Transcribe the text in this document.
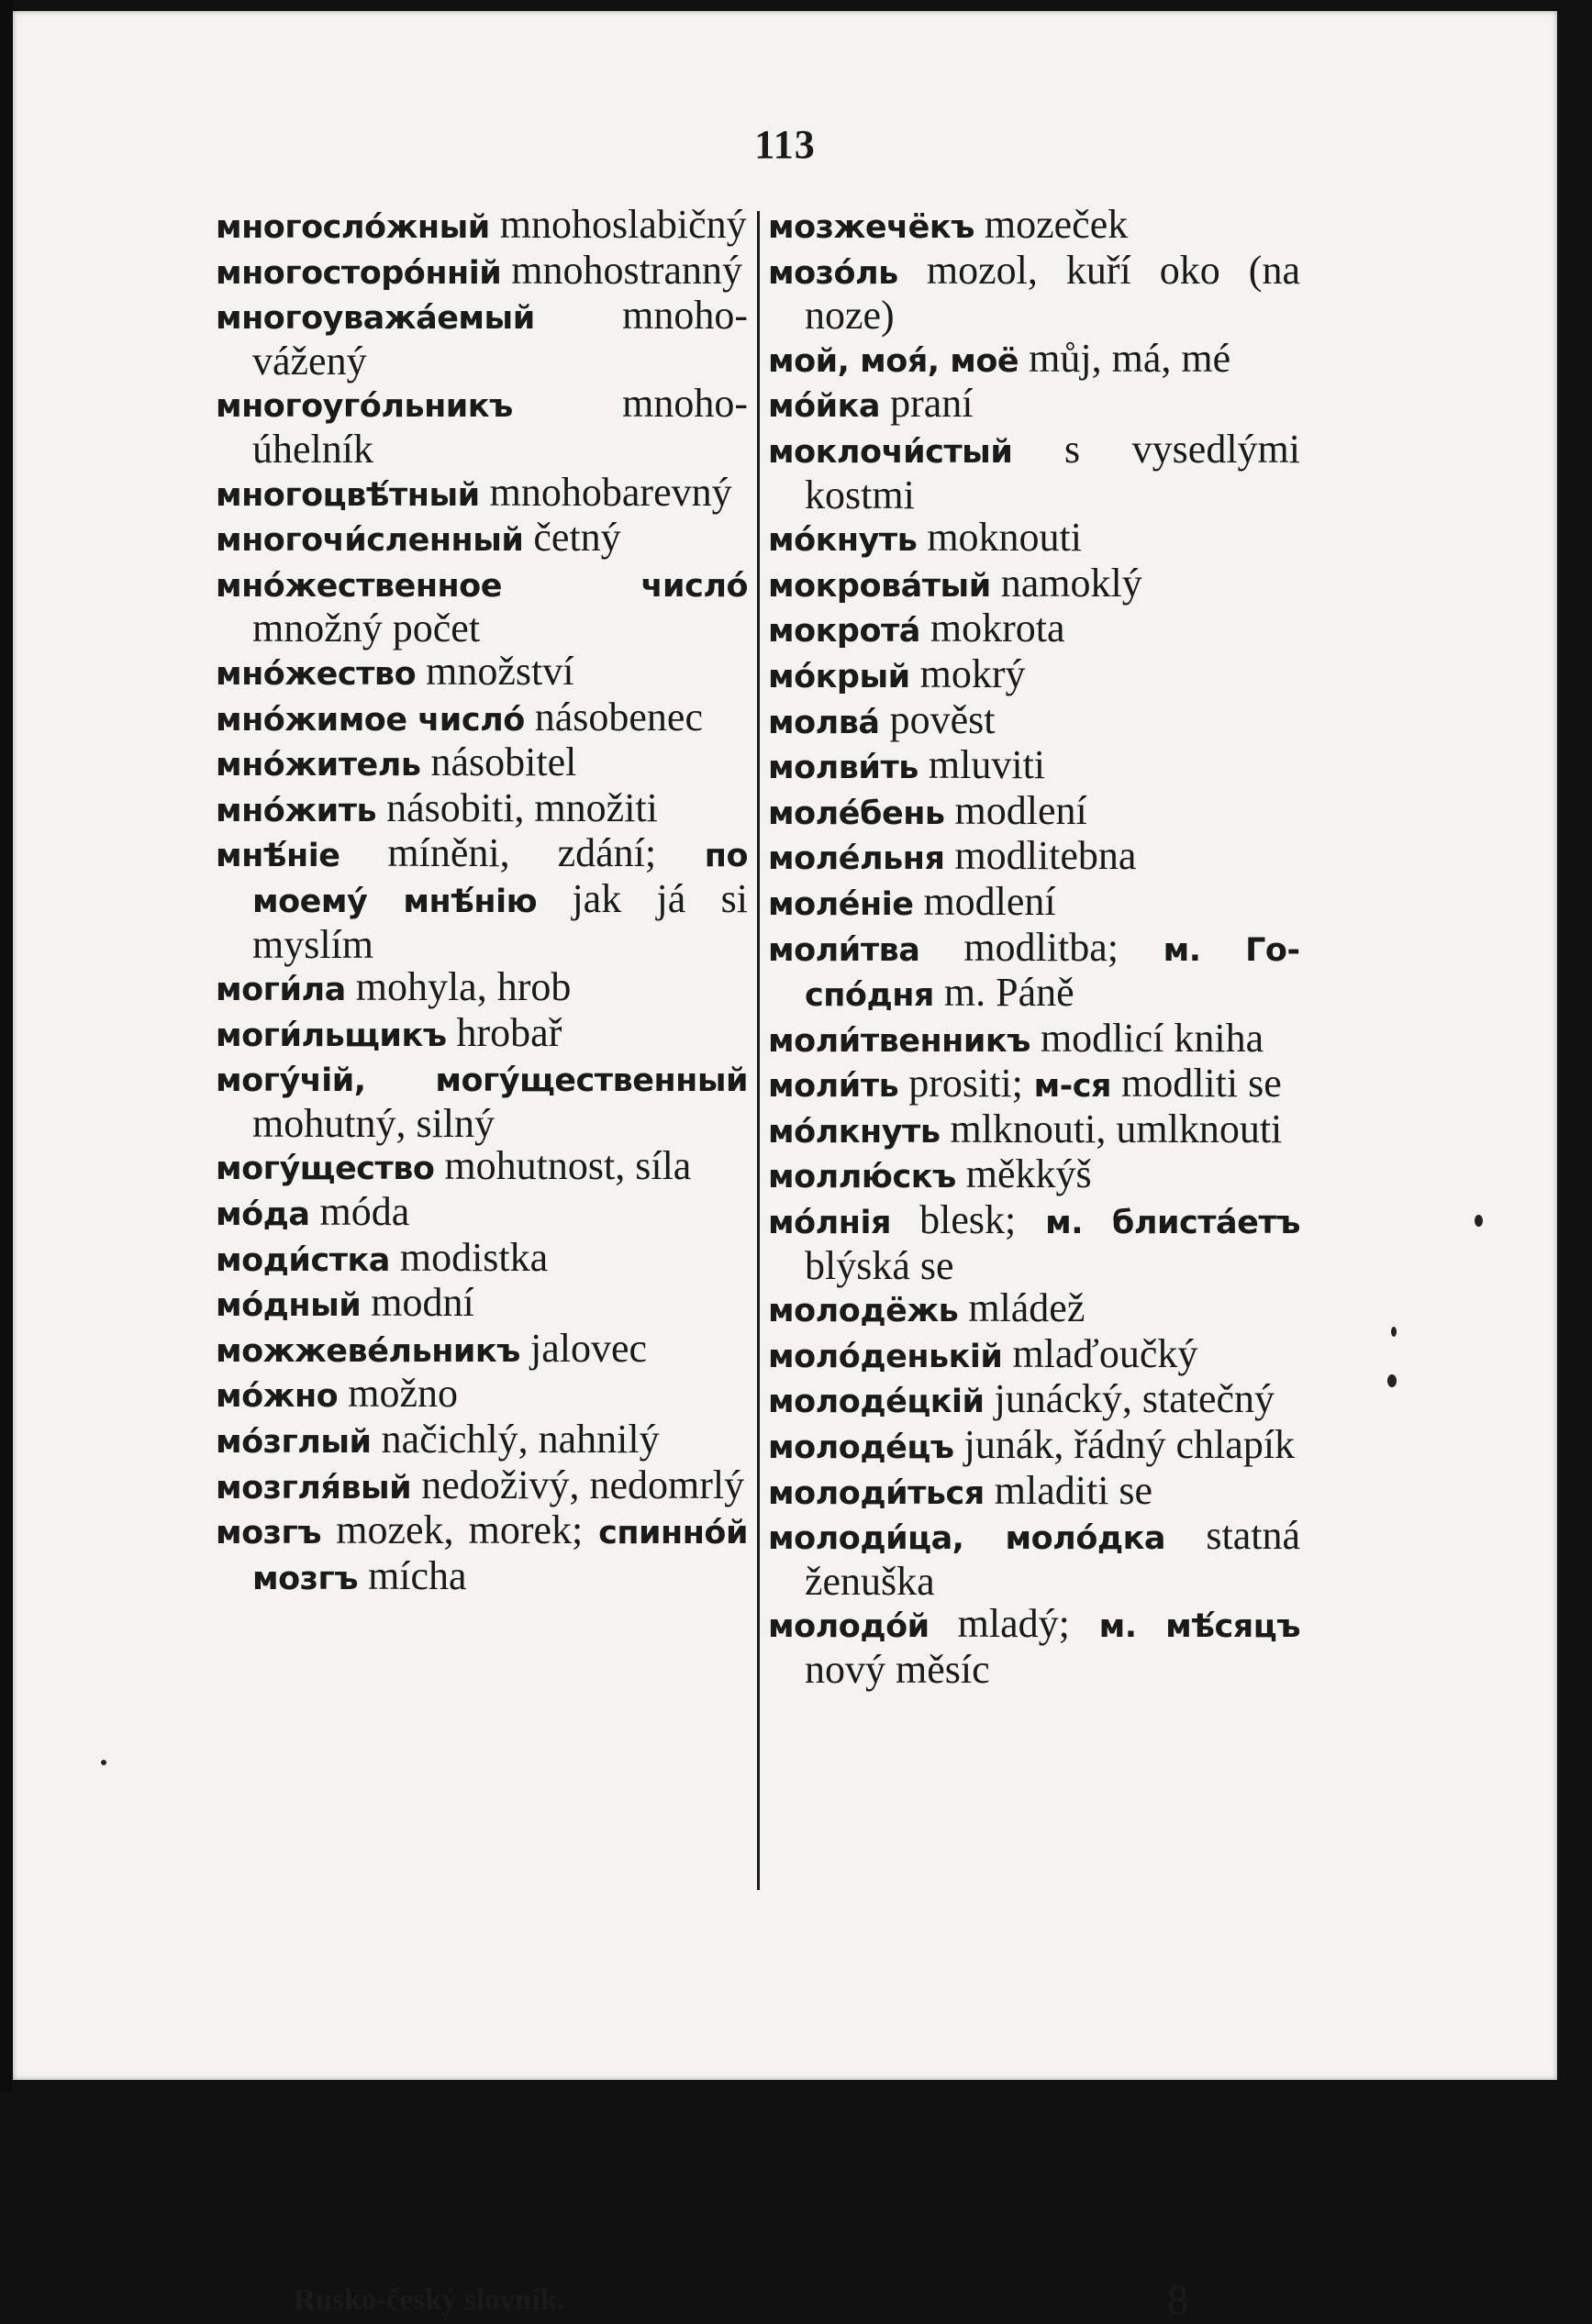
113
многосло́жный mnohoslabičný
многосторо́ннiй mnohostranný
многоуважа́емый mnohovážený
многоуго́льникъ mnohoúhelník
многоцвѣ́тный mnohobarevný
многочи́сленный četný
мно́жественное число́ množný počet
мно́жество množství
мно́жимое число́ násobenec
мно́житель násobitel
мно́жить násobiti, množiti
мнѣ́нiе míněni, zdání; по моему́ мнѣ́нiю jak já si myslím
моги́ла mohyla, hrob
моги́льщикъ hrobař
могу́чiй, могу́щественный mohutný, silný
могу́щество mohutnost, síla
мо́да móda
моди́стка modistka
мо́дный modní
можжеве́льникъ jalovec
мо́жно možno
мо́зглый načichlý, nahnilý
мозгля́вый nedoživý, nedomrlý
мозгъ mozek, morek; спинно́й мозгъ mícha
мозжечёкъ mozeček
мозо́ль mozol, kuří oko (na noze)
мой, моя́, моё můj, má, mé
мо́йка praní
моклочи́стый s vysedlými kostmi
мо́кнуть moknouti
мокрова́тый namoklý
мокрота́ mokrota
мо́крый mokrý
молва́ pověst
молви́ть mluviti
моле́бень modlení
моле́льня modlitebna
моле́нiе modlení
моли́тва modlitba; м. Госпо́дня m. Páně
моли́твенникъ modlicí kniha
моли́ть prositi; м-ся modliti se
мо́лкнуть mlknouti, umlknouti
моллю́скъ měkkýš
мо́лнiя blesk; м. блиста́етъ blýská se
молодёжь mládež
моло́денькiй mlaďoučký
молоде́цкiй junácký, statečný
молоде́цъ junák, řádný chlapík
молоди́ться mladiti se
молоди́ца, моло́дка statná ženuška
молодо́й mladý; м. мѣ́сяцъ nový měsíc
Rusko-český slovník.	8
